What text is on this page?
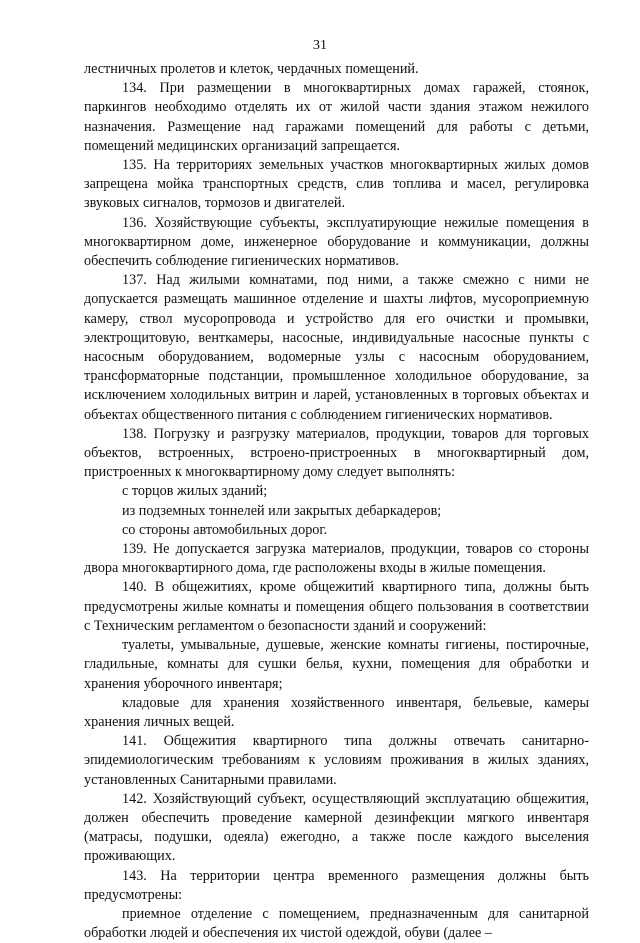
31

лестничных пролетов и клеток, чердачных помещений.

134. При размещении в многоквартирных домах гаражей, стоянок, паркингов необходимо отделять их от жилой части здания этажом нежилого назначения. Размещение над гаражами помещений для работы с детьми, помещений медицинских организаций запрещается.

135. На территориях земельных участков многоквартирных жилых домов запрещена мойка транспортных средств, слив топлива и масел, регулировка звуковых сигналов, тормозов и двигателей.

136. Хозяйствующие субъекты, эксплуатирующие нежилые помещения в многоквартирном доме, инженерное оборудование и коммуникации, должны обеспечить соблюдение гигиенических нормативов.

137. Над жилыми комнатами, под ними, а также смежно с ними не допускается размещать машинное отделение и шахты лифтов, мусороприемную камеру, ствол мусоропровода и устройство для его очистки и промывки, электрощитовую, венткамеры, насосные, индивидуальные насосные пункты с насосным оборудованием, водомерные узлы с насосным оборудованием, трансформаторные подстанции, промышленное холодильное оборудование, за исключением холодильных витрин и ларей, установленных в торговых объектах и объектах общественного питания с соблюдением гигиенических нормативов.

138. Погрузку и разгрузку материалов, продукции, товаров для торговых объектов, встроенных, встроено-пристроенных в многоквартирный дом, пристроенных к многоквартирному дому следует выполнять:

с торцов жилых зданий;

из подземных тоннелей или закрытых дебаркадеров;

со стороны автомобильных дорог.

139. Не допускается загрузка материалов, продукции, товаров со стороны двора многоквартирного дома, где расположены входы в жилые помещения.

140. В общежитиях, кроме общежитий квартирного типа, должны быть предусмотрены жилые комнаты и помещения общего пользования в соответствии с Техническим регламентом о безопасности зданий и сооружений:

туалеты, умывальные, душевые, женские комнаты гигиены, постирочные, гладильные, комнаты для сушки белья, кухни, помещения для обработки и хранения уборочного инвентаря;

кладовые для хранения хозяйственного инвентаря, бельевые, камеры хранения личных вещей.

141. Общежития квартирного типа должны отвечать санитарно-эпидемиологическим требованиям к условиям проживания в жилых зданиях, установленных Санитарными правилами.

142. Хозяйствующий субъект, осуществляющий эксплуатацию общежития, должен обеспечить проведение камерной дезинфекции мягкого инвентаря (матрасы, подушки, одеяла) ежегодно, а также после каждого выселения проживающих.

143. На территории центра временного размещения должны быть предусмотрены:

приемное отделение с помещением, предназначенным для санитарной обработки людей и обеспечения их чистой одеждой, обуви (далее –
